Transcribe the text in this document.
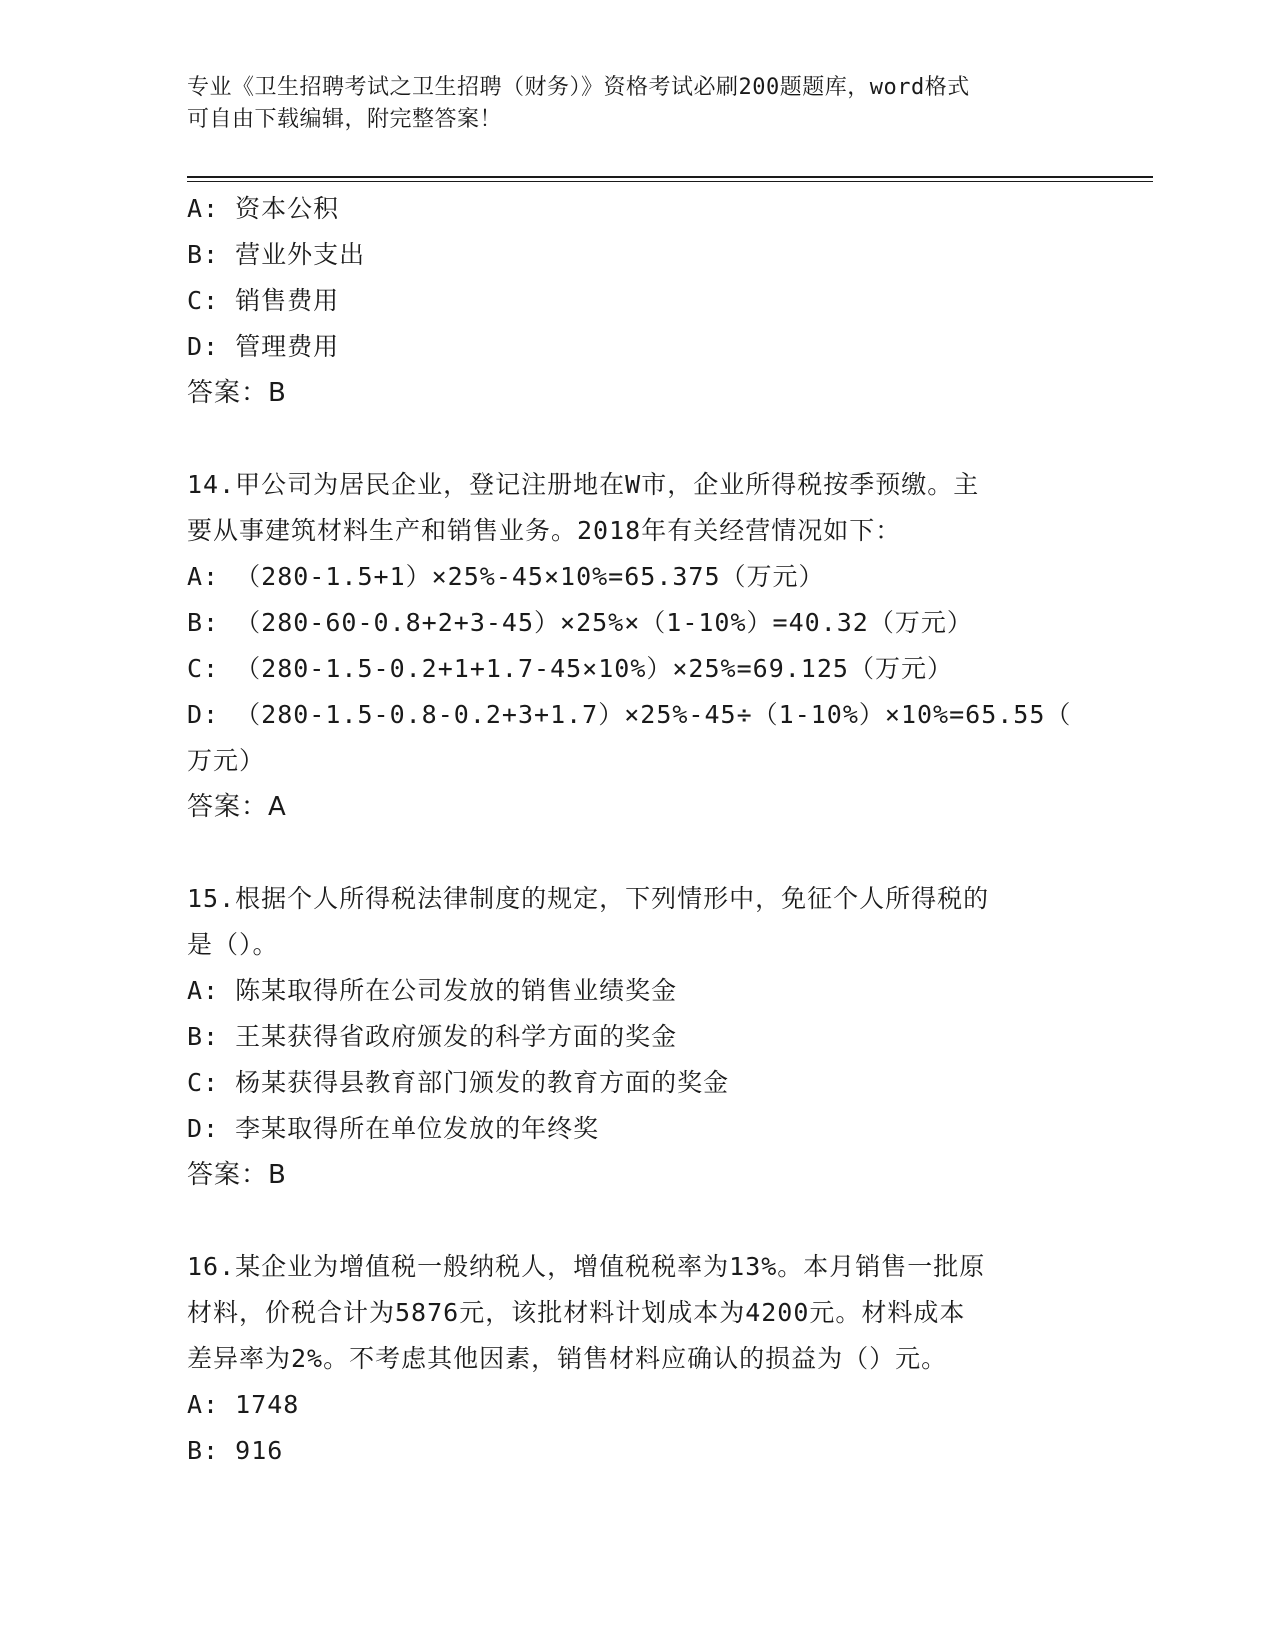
专业《卫生招聘考试之卫生招聘（财务）》资格考试必刷200题题库，word格式
可自由下载编辑，附完整答案！
A: 资本公积
B: 营业外支出
C: 销售费用
D: 管理费用
答案：B
14.甲公司为居民企业，登记注册地在W市，企业所得税按季预缴。主
要从事建筑材料生产和销售业务。2018年有关经营情况如下：
A: （280-1.5+1）×25%-45×10%=65.375（万元）
B: （280-60-0.8+2+3-45）×25%×（1-10%）=40.32（万元）
C: （280-1.5-0.2+1+1.7-45×10%）×25%=69.125（万元）
D: （280-1.5-0.8-0.2+3+1.7）×25%-45÷（1-10%）×10%=65.55（
万元）
答案：A
15.根据个人所得税法律制度的规定，下列情形中，免征个人所得税的
是（）。
A: 陈某取得所在公司发放的销售业绩奖金
B: 王某获得省政府颁发的科学方面的奖金
C: 杨某获得县教育部门颁发的教育方面的奖金
D: 李某取得所在单位发放的年终奖
答案：B
16.某企业为增值税一般纳税人，增值税税率为13%。本月销售一批原
材料，价税合计为5876元，该批材料计划成本为4200元。材料成本
差异率为2%。不考虑其他因素，销售材料应确认的损益为（）元。
A: 1748
B: 916
